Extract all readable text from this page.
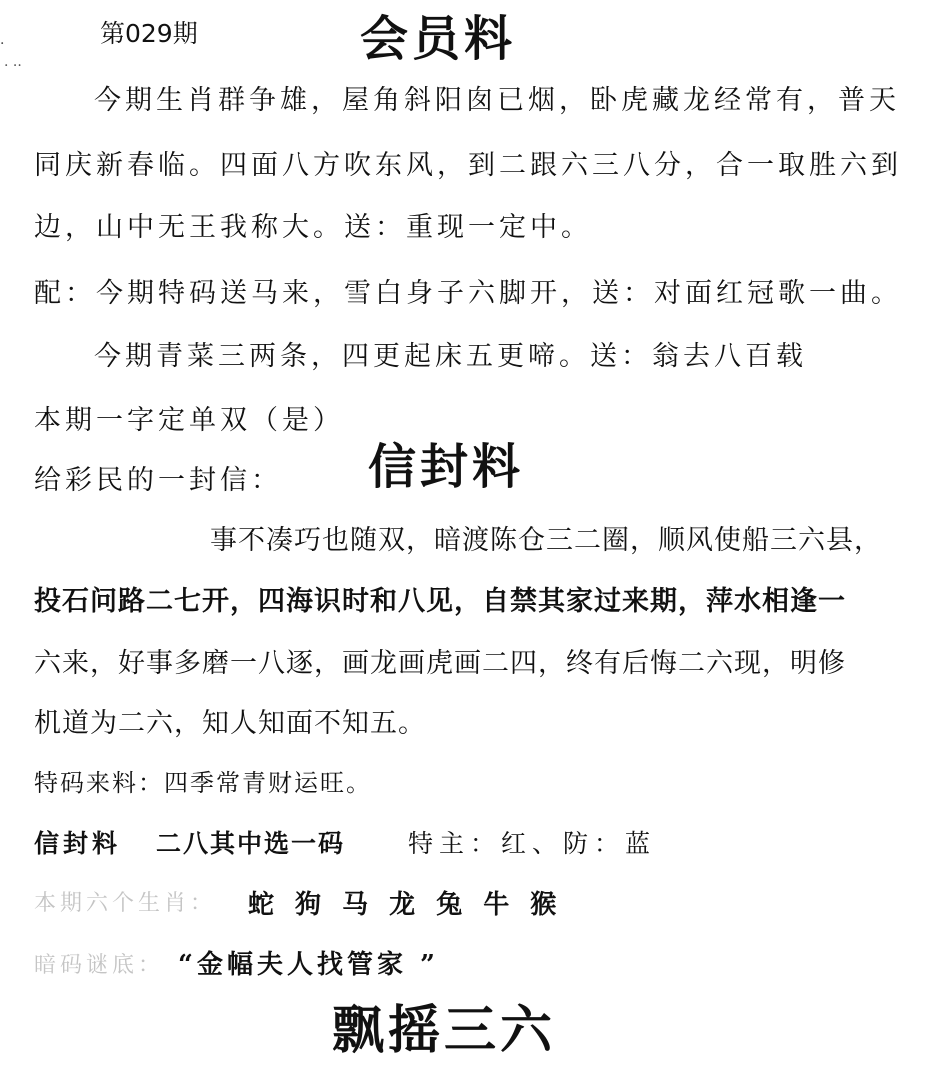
·	第029期	会员料
· ··
今期生肖群争雄，屋角斜阳囱已烟，卧虎藏龙经常有，普天
同庆新春临。四面八方吹东风，到二跟六三八分，合一取胜六到
边，山中无王我称大。送：重现一定中。
配：今期特码送马来，雪白身子六脚开，送：对面红冠歌一曲。
今期青菜三两条，四更起床五更啼。送：翁去八百载
本期一字定单双（是）
给彩民的一封信： 信封料
事不凑巧也随双，暗渡陈仓三二圈，顺风使船三六县，
投石问路二七开，四海识时和八见，自禁其家过来期，萍水相逢一
六来，好事多磨一八逐，画龙画虎画二四，终有后悔二六现，明修
机道为二六，知人知面不知五。
特码来料：四季常青财运旺。
信封料 二八其中选一码	特主：红、防：蓝
本期六个生肖： 蛇 狗 马 龙 兔 牛 猴
暗码谜底： “金幅夫人找管家 ”
飘摇三六
